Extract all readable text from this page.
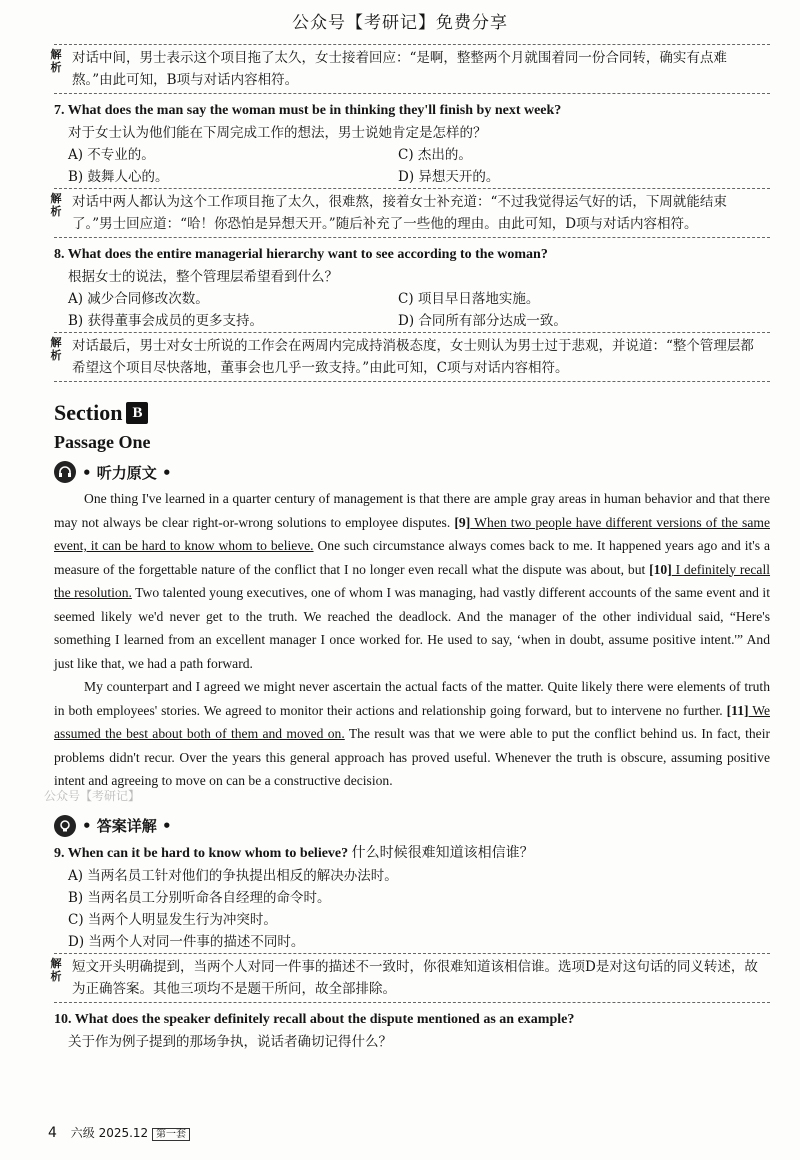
公众号【考研记】免费分享
解析
对话中间，男士表示这个项目拖了太久，女士接着回应：“是啊，整整两个月就围着同一份合同转，确实有点难熬。”由此可知，B项与对话内容相符。
7. What does the man say the woman must be in thinking they'll finish by next week?
对于女士认为他们能在下周完成工作的想法，男士说她肯定是怎样的？
A) 不专业的。	C) 杰出的。
B) 鼓舞人心的。	D) 异想天开的。
解析
对话中两人都认为这个工作项目拖了太久，很难熬，接着女士补充道：“不过我觉得运气好的话，下周就能结束了。”男士回应道：“哈！你恐怕是异想天开。”随后补充了一些他的理由。由此可知，D项与对话内容相符。
8. What does the entire managerial hierarchy want to see according to the woman?
根据女士的说法，整个管理层希望看到什么？
A) 减少合同修改次数。	C) 项目早日落地实施。
B) 获得董事会成员的更多支持。	D) 合同所有部分达成一致。
解析
对话最后，男士对女士所说的工作会在两周内完成持消极态度，女士则认为男士过于悲观，并说道：“整个管理层都希望这个项目尽快落地，董事会也几乎一致支持。”由此可知，C项与对话内容相符。
Section B
Passage One
• 听力原文 •
One thing I've learned in a quarter century of management is that there are ample gray areas in human behavior and that there may not always be clear right-or-wrong solutions to employee disputes. [9] When two people have different versions of the same event, it can be hard to know whom to believe. One such circumstance always comes back to me. It happened years ago and it's a measure of the forgettable nature of the conflict that I no longer even recall what the dispute was about, but [10] I definitely recall the resolution. Two talented young executives, one of whom I was managing, had vastly different accounts of the same event and it seemed likely we'd never get to the truth. We reached the deadlock. And the manager of the other individual said, “Here's something I learned from an excellent manager I once worked for. He used to say, ‘when in doubt, assume positive intent.'” And just like that, we had a path forward.
My counterpart and I agreed we might never ascertain the actual facts of the matter. Quite likely there were elements of truth in both employees' stories. We agreed to monitor their actions and relationship going forward, but to intervene no further. [11] We assumed the best about both of them and moved on. The result was that we were able to put the conflict behind us. In fact, their problems didn't recur. Over the years this general approach has proved useful. Whenever the truth is obscure, assuming positive intent and agreeing to move on can be a constructive decision.
公众号【考研记】
• 答案详解 •
9. When can it be hard to know whom to believe? 什么时候很难知道该相信谁？
A) 当两名员工针对他们的争执提出相反的解决办法时。
B) 当两名员工分别听命各自经理的命令时。
C) 当两个人明显发生行为冲突时。
D) 当两个人对同一件事的描述不同时。
解析
短文开头明确提到，当两个人对同一件事的描述不一致时，你很难知道该相信谁。选项D是对这句话的同义转述，故为正确答案。其他三项均不是题干所问，故全部排除。
10. What does the speaker definitely recall about the dispute mentioned as an example?
关于作为例子提到的那场争执，说话者确切记得什么？
4 六级 2025.12 第一套
